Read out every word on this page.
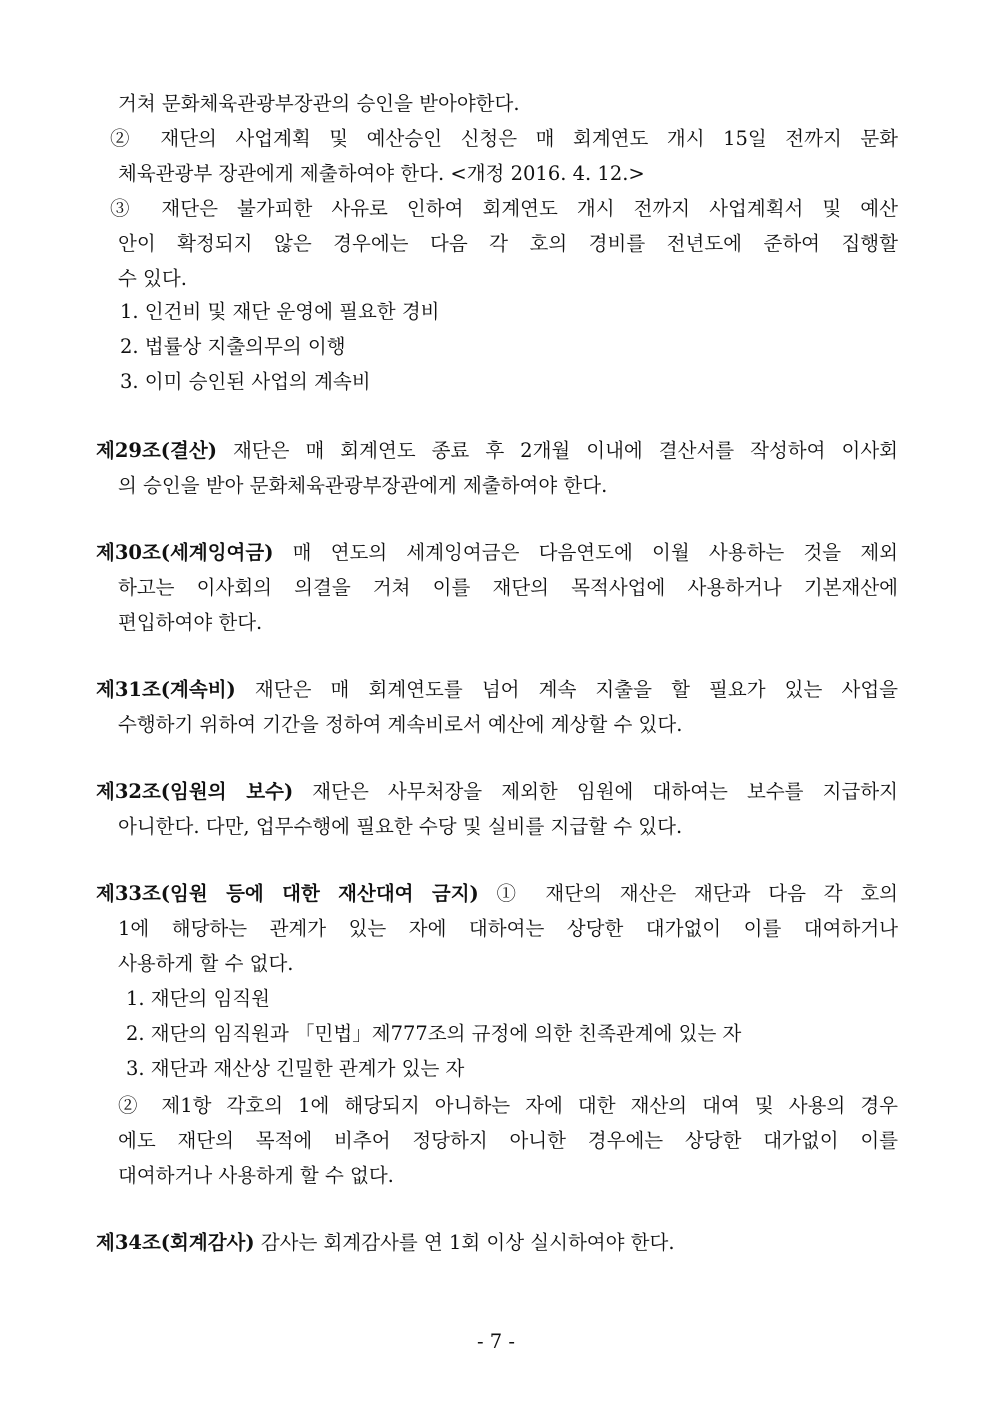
거쳐 문화체육관광부장관의 승인을 받아야한다.
② 재단의 사업계획 및 예산승인 신청은 매 회계연도 개시 15일 전까지 문화
체육관광부 장관에게 제출하여야 한다. <개정 2016. 4. 12.>
③ 재단은 불가피한 사유로 인하여 회계연도 개시 전까지 사업계획서 및 예산
안이 확정되지 않은 경우에는 다음 각 호의 경비를 전년도에 준하여 집행할
수 있다.
1. 인건비 및 재단 운영에 필요한 경비
2. 법률상 지출의무의 이행
3. 이미 승인된 사업의 계속비
제29조(결산) 재단은 매 회계연도 종료 후 2개월 이내에 결산서를 작성하여 이사회
의 승인을 받아 문화체육관광부장관에게 제출하여야 한다.
제30조(세계잉여금) 매 연도의 세계잉여금은 다음연도에 이월 사용하는 것을 제외
하고는 이사회의 의결을 거쳐 이를 재단의 목적사업에 사용하거나 기본재산에
편입하여야 한다.
제31조(계속비) 재단은 매 회계연도를 넘어 계속 지출을 할 필요가 있는 사업을
수행하기 위하여 기간을 정하여 계속비로서 예산에 계상할 수 있다.
제32조(임원의 보수) 재단은 사무처장을 제외한 임원에 대하여는 보수를 지급하지
아니한다. 다만, 업무수행에 필요한 수당 및 실비를 지급할 수 있다.
제33조(임원 등에 대한 재산대여 금지) ① 재단의 재산은 재단과 다음 각 호의
1에 해당하는 관계가 있는 자에 대하여는 상당한 대가없이 이를 대여하거나
사용하게 할 수 없다.
1. 재단의 임직원
2. 재단의 임직원과 「민법」제777조의 규정에 의한 친족관계에 있는 자
3. 재단과 재산상 긴밀한 관계가 있는 자
② 제1항 각호의 1에 해당되지 아니하는 자에 대한 재산의 대여 및 사용의 경우
에도 재단의 목적에 비추어 정당하지 아니한 경우에는 상당한 대가없이 이를
대여하거나 사용하게 할 수 없다.
제34조(회계감사) 감사는 회계감사를 연 1회 이상 실시하여야 한다.
- 7 -
